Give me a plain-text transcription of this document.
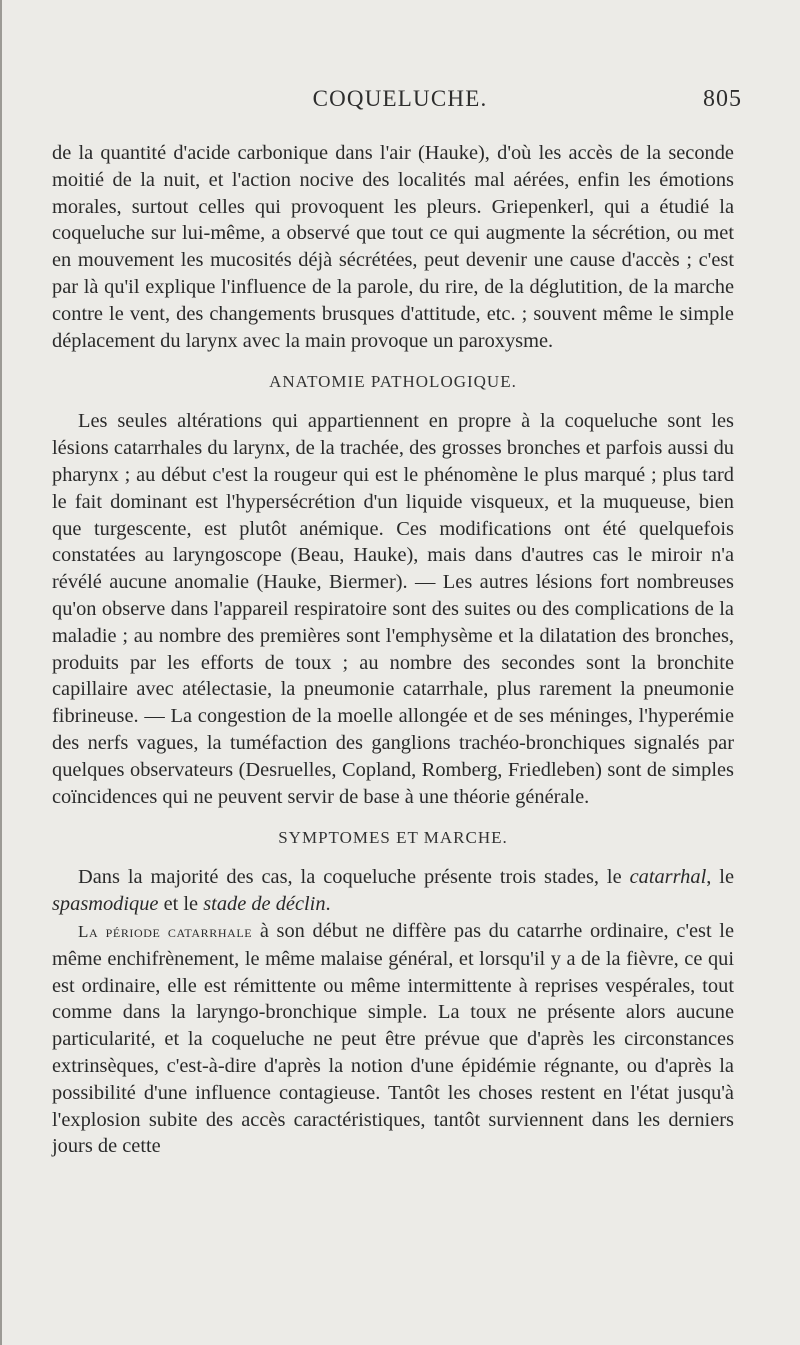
COQUELUCHE.	805

de la quantité d'acide carbonique dans l'air (Hauke), d'où les accès de la seconde moitié de la nuit, et l'action nocive des localités mal aérées, enfin les émotions morales, surtout celles qui provoquent les pleurs. Griepenkerl, qui a étudié la coqueluche sur lui-même, a observé que tout ce qui augmente la sécrétion, ou met en mouvement les mucosités déjà sécrétées, peut devenir une cause d'accès ; c'est par là qu'il explique l'influence de la parole, du rire, de la déglutition, de la marche contre le vent, des changements brusques d'attitude, etc. ; souvent même le simple déplacement du larynx avec la main provoque un paroxysme.

ANATOMIE PATHOLOGIQUE.

Les seules altérations qui appartiennent en propre à la coqueluche sont les lésions catarrhales du larynx, de la trachée, des grosses bronches et parfois aussi du pharynx ; au début c'est la rougeur qui est le phénomène le plus marqué ; plus tard le fait dominant est l'hypersécrétion d'un liquide visqueux, et la muqueuse, bien que turgescente, est plutôt anémique. Ces modifications ont été quelquefois constatées au laryngoscope (Beau, Hauke), mais dans d'autres cas le miroir n'a révélé aucune anomalie (Hauke, Biermer). — Les autres lésions fort nombreuses qu'on observe dans l'appareil respiratoire sont des suites ou des complications de la maladie ; au nombre des premières sont l'emphysème et la dilatation des bronches, produits par les efforts de toux ; au nombre des secondes sont la bronchite capillaire avec atélectasie, la pneumonie catarrhale, plus rarement la pneumonie fibrineuse. — La congestion de la moelle allongée et de ses méninges, l'hyperémie des nerfs vagues, la tuméfaction des ganglions trachéo-bronchiques signalés par quelques observateurs (Desruelles, Copland, Romberg, Friedleben) sont de simples coïncidences qui ne peuvent servir de base à une théorie générale.

SYMPTOMES ET MARCHE.

Dans la majorité des cas, la coqueluche présente trois stades, le catarrhal, le spasmodique et le stade de déclin.

La période catarrhale à son début ne diffère pas du catarrhe ordinaire, c'est le même enchifrènement, le même malaise général, et lorsqu'il y a de la fièvre, ce qui est ordinaire, elle est rémittente ou même intermittente à reprises vespérales, tout comme dans la laryngo-bronchique simple. La toux ne présente alors aucune particularité, et la coqueluche ne peut être prévue que d'après les circonstances extrinsèques, c'est-à-dire d'après la notion d'une épidémie régnante, ou d'après la possibilité d'une influence contagieuse. Tantôt les choses restent en l'état jusqu'à l'explosion subite des accès caractéristiques, tantôt surviennent dans les derniers jours de cette
